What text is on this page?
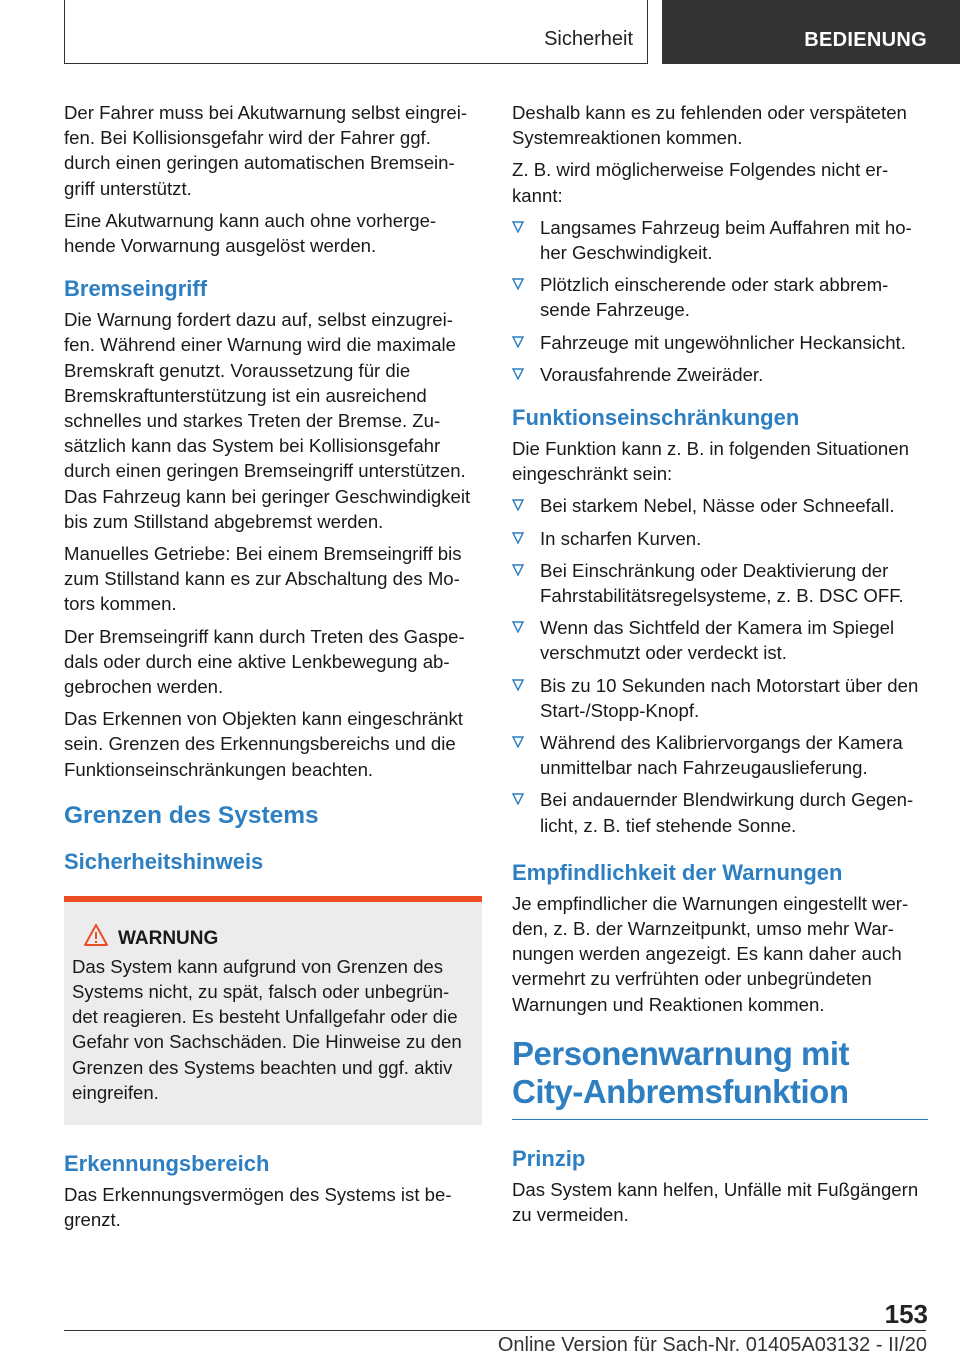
Sicherheit	BEDIENUNG

Der Fahrer muss bei Akutwarnung selbst eingrei- fen. Bei Kollisionsgefahr wird der Fahrer ggf. durch einen geringen automatischen Bremsein- griff unterstützt.

Eine Akutwarnung kann auch ohne vorherge- hende Vorwarnung ausgelöst werden.

Bremseingriff

Die Warnung fordert dazu auf, selbst einzugrei- fen. Während einer Warnung wird die maximale Bremskraft genutzt. Voraussetzung für die Bremskraftunterstützung ist ein ausreichend schnelles und starkes Treten der Bremse. Zu- sätzlich kann das System bei Kollisionsgefahr durch einen geringen Bremseingriff unterstützen. Das Fahrzeug kann bei geringer Geschwindigkeit bis zum Stillstand abgebremst werden.

Manuelles Getriebe: Bei einem Bremseingriff bis zum Stillstand kann es zur Abschaltung des Mo- tors kommen.

Der Bremseingriff kann durch Treten des Gaspe- dals oder durch eine aktive Lenkbewegung ab- gebrochen werden.

Das Erkennen von Objekten kann eingeschränkt sein. Grenzen des Erkennungsbereichs und die Funktionseinschränkungen beachten.

Grenzen des Systems
Sicherheitshinweis
WARNUNG

Das System kann aufgrund von Grenzen des Systems nicht, zu spät, falsch oder unbegrün- det reagieren. Es besteht Unfallgefahr oder die Gefahr von Sachschäden. Die Hinweise zu den Grenzen des Systems beachten und ggf. aktiv eingreifen.

Erkennungsbereich

Das Erkennungsvermögen des Systems ist be- grenzt.

Deshalb kann es zu fehlenden oder verspäteten Systemreaktionen kommen.

Z. B. wird möglicherweise Folgendes nicht er- kannt:

Langsames Fahrzeug beim Auffahren mit ho- her Geschwindigkeit.
Plötzlich einscherende oder stark abbrem- sende Fahrzeuge.
Fahrzeuge mit ungewöhnlicher Heckansicht.
Vorausfahrende Zweiräder.
Funktionseinschränkungen

Die Funktion kann z. B. in folgenden Situationen eingeschränkt sein:

Bei starkem Nebel, Nässe oder Schneefall.
In scharfen Kurven.
Bei Einschränkung oder Deaktivierung der Fahrstabilitätsregelsysteme, z. B. DSC OFF.
Wenn das Sichtfeld der Kamera im Spiegel verschmutzt oder verdeckt ist.
Bis zu 10 Sekunden nach Motorstart über den Start-/Stopp-Knopf.
Während des Kalibriervorgangs der Kamera unmittelbar nach Fahrzeugauslieferung.
Bei andauernder Blendwirkung durch Gegen- licht, z. B. tief stehende Sonne.
Empfindlichkeit der Warnungen

Je empfindlicher die Warnungen eingestellt wer- den, z. B. der Warnzeitpunkt, umso mehr War- nungen werden angezeigt. Es kann daher auch vermehrt zu verfrühten oder unbegründeten Warnungen und Reaktionen kommen.

Personenwarnung mit City-Anbremsfunktion
Prinzip

Das System kann helfen, Unfälle mit Fußgängern zu vermeiden.

153
Online Version für Sach-Nr. 01405A03132 - II/20
